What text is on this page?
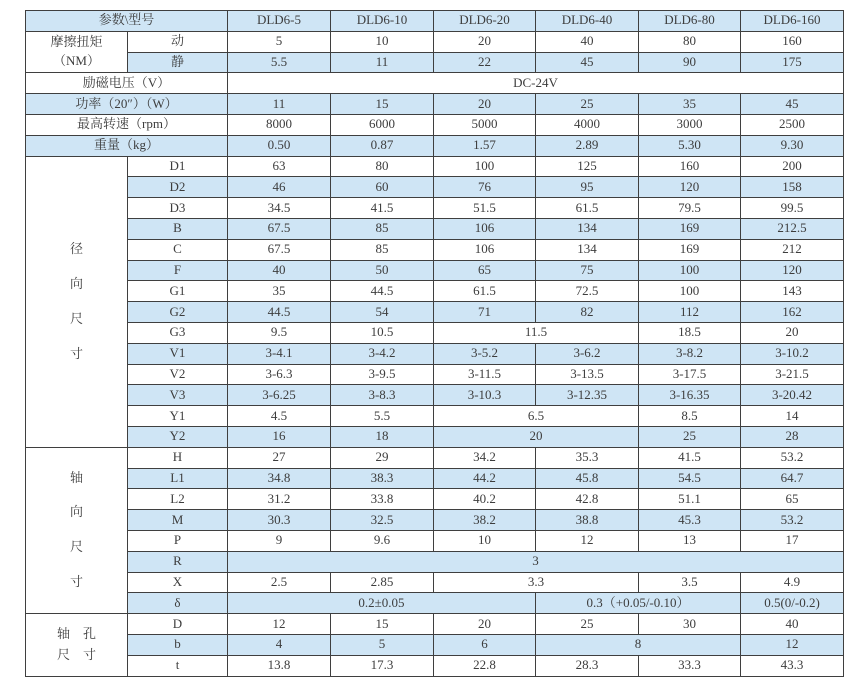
参数\型号		DLD6-5	DLD6-10	DLD6-20	DLD6-40	DLD6-80	DLD6-160

摩擦扭矩
（NM）	动	5	10	20	40	80	160
	静	5.5	11	22	45	90	175
励磁电压（V）		DC-24V					
功率（20″）（W）		11	15	20	25	35	45
最高转速（rpm）		8000	6000	5000	4000	3000	2500
重量（kg）		0.50	0.87	1.57	2.89	5.30	9.30

径
向
尺
寸	D1	63	80	100	125	160	200
	D2	46	60	76	95	120	158
	D3	34.5	41.5	51.5	61.5	79.5	99.5
	B	67.5	85	106	134	169	212.5
	C	67.5	85	106	134	169	212
	F	40	50	65	75	100	120
	G1	35	44.5	61.5	72.5	100	143
	G2	44.5	54	71	82	112	162
	G3	9.5	10.5	11.5		18.5	20
	V1	3-4.1	3-4.2	3-5.2	3-6.2	3-8.2	3-10.2
	V2	3-6.3	3-9.5	3-11.5	3-13.5	3-17.5	3-21.5
	V3	3-6.25	3-8.3	3-10.3	3-12.35	3-16.35	3-20.42
	Y1	4.5	5.5	6.5		8.5	14
	Y2	16	18	20		25	28

轴
向
尺
寸	H	27	29	34.2	35.3	41.5	53.2
	L1	34.8	38.3	44.2	45.8	54.5	64.7
	L2	31.2	33.8	40.2	42.8	51.1	65
	M	30.3	32.5	38.2	38.8	45.3	53.2
	P	9	9.6	10	12	13	17
	R	3					
	X	2.5	2.85	3.3		3.5	4.9
	δ	0.2±0.05			0.3（+0.05/-0.10）		0.5(0/-0.2)

轴　孔
尺　寸	D	12	15	20	25	30	40
	b	4	5	6	8		12
	t	13.8	17.3	22.8	28.3	33.3	43.3
